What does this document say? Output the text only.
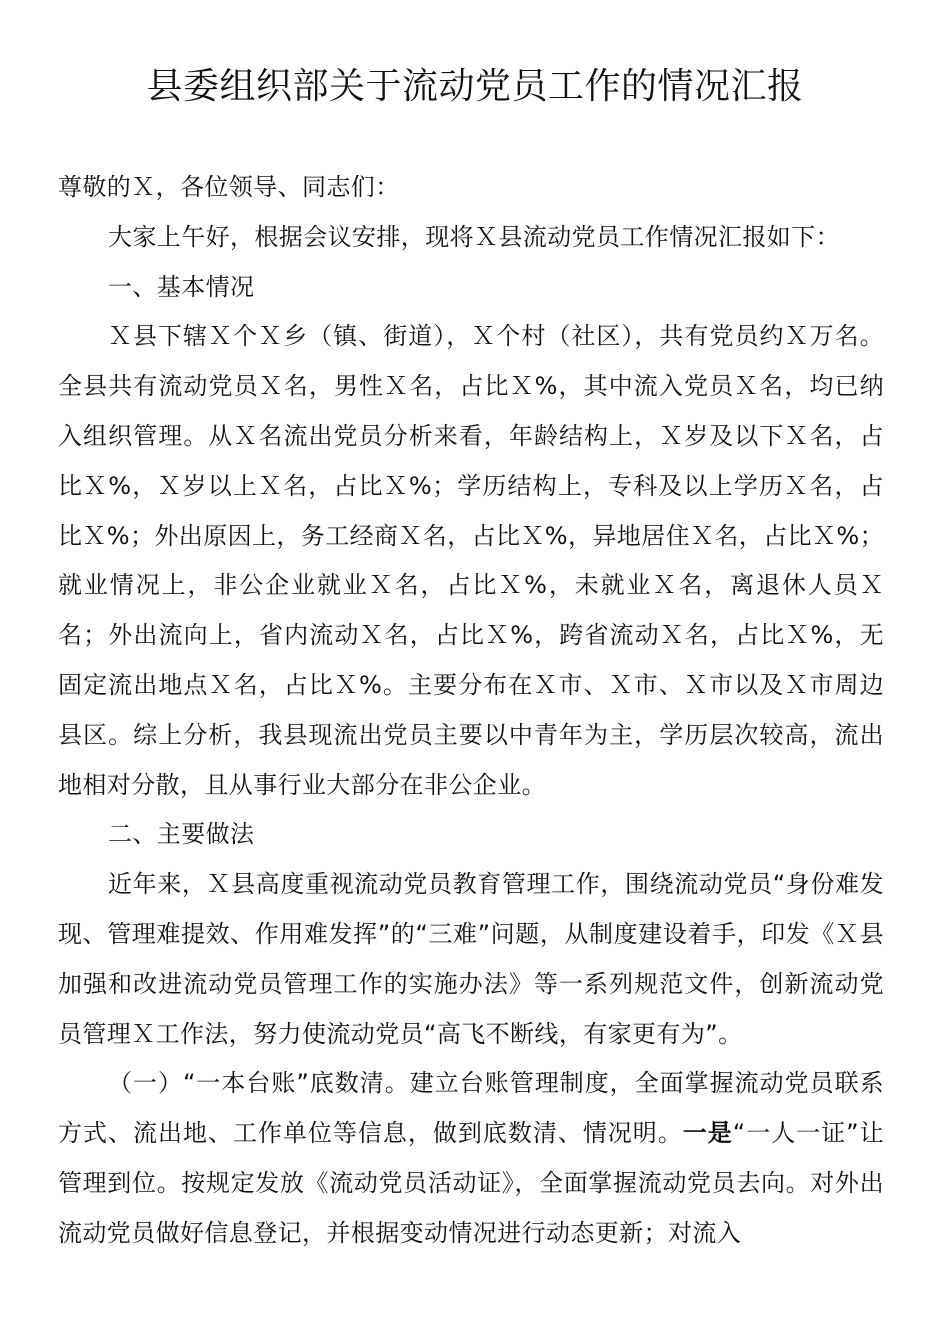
县委组织部关于流动党员工作的情况汇报

尊敬的Ｘ，各位领导、同志们：

大家上午好，根据会议安排，现将Ｘ县流动党员工作情况汇报如下：

一、基本情况

Ｘ县下辖Ｘ个Ｘ乡（镇、街道），Ｘ个村（社区），共有党员约Ｘ万名。全县共有流动党员Ｘ名，男性Ｘ名，占比Ｘ%，其中流入党员Ｘ名，均已纳入组织管理。从Ｘ名流出党员分析来看，年龄结构上，Ｘ岁及以下Ｘ名，占比Ｘ%，Ｘ岁以上Ｘ名，占比Ｘ%；学历结构上，专科及以上学历Ｘ名，占比Ｘ%；外出原因上，务工经商Ｘ名，占比Ｘ%，异地居住Ｘ名，占比Ｘ%；就业情况上，非公企业就业Ｘ名，占比Ｘ%，未就业Ｘ名，离退休人员Ｘ名；外出流向上，省内流动Ｘ名，占比Ｘ%，跨省流动Ｘ名，占比Ｘ%，无固定流出地点Ｘ名，占比Ｘ%。主要分布在Ｘ市、Ｘ市、Ｘ市以及Ｘ市周边县区。综上分析，我县现流出党员主要以中青年为主，学历层次较高，流出地相对分散，且从事行业大部分在非公企业。

二、主要做法

近年来，Ｘ县高度重视流动党员教育管理工作，围绕流动党员“身份难发现、管理难提效、作用难发挥”的“三难”问题，从制度建设着手，印发《Ｘ县加强和改进流动党员管理工作的实施办法》等一系列规范文件，创新流动党员管理Ｘ工作法，努力使流动党员“高飞不断线，有家更有为”。

（一）“一本台账”底数清。建立台账管理制度，全面掌握流动党员联系方式、流出地、工作单位等信息，做到底数清、情况明。一是“一人一证”让管理到位。按规定发放《流动党员活动证》，全面掌握流动党员去向。对外出流动党员做好信息登记，并根据变动情况进行动态更新；对流入
